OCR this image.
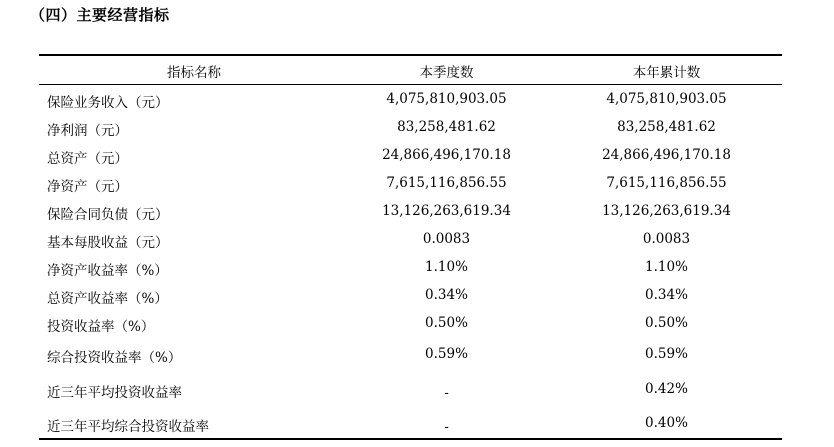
（四）主要经营指标
指标名称	本季度数	本年累计数
保险业务收入（元）	4,075,810,903.05	4,075,810,903.05
净利润（元）	83,258,481.62	83,258,481.62
总资产（元）	24,866,496,170.18	24,866,496,170.18
净资产（元）	7,615,116,856.55	7,615,116,856.55
保险合同负债（元）	13,126,263,619.34	13,126,263,619.34
基本每股收益（元）	0.0083	0.0083
净资产收益率（%）	1.10%	1.10%
总资产收益率（%）	0.34%	0.34%
投资收益率（%）	0.50%	0.50%
综合投资收益率（%）	0.59%	0.59%
近三年平均投资收益率	-	0.42%
近三年平均综合投资收益率	-	0.40%
